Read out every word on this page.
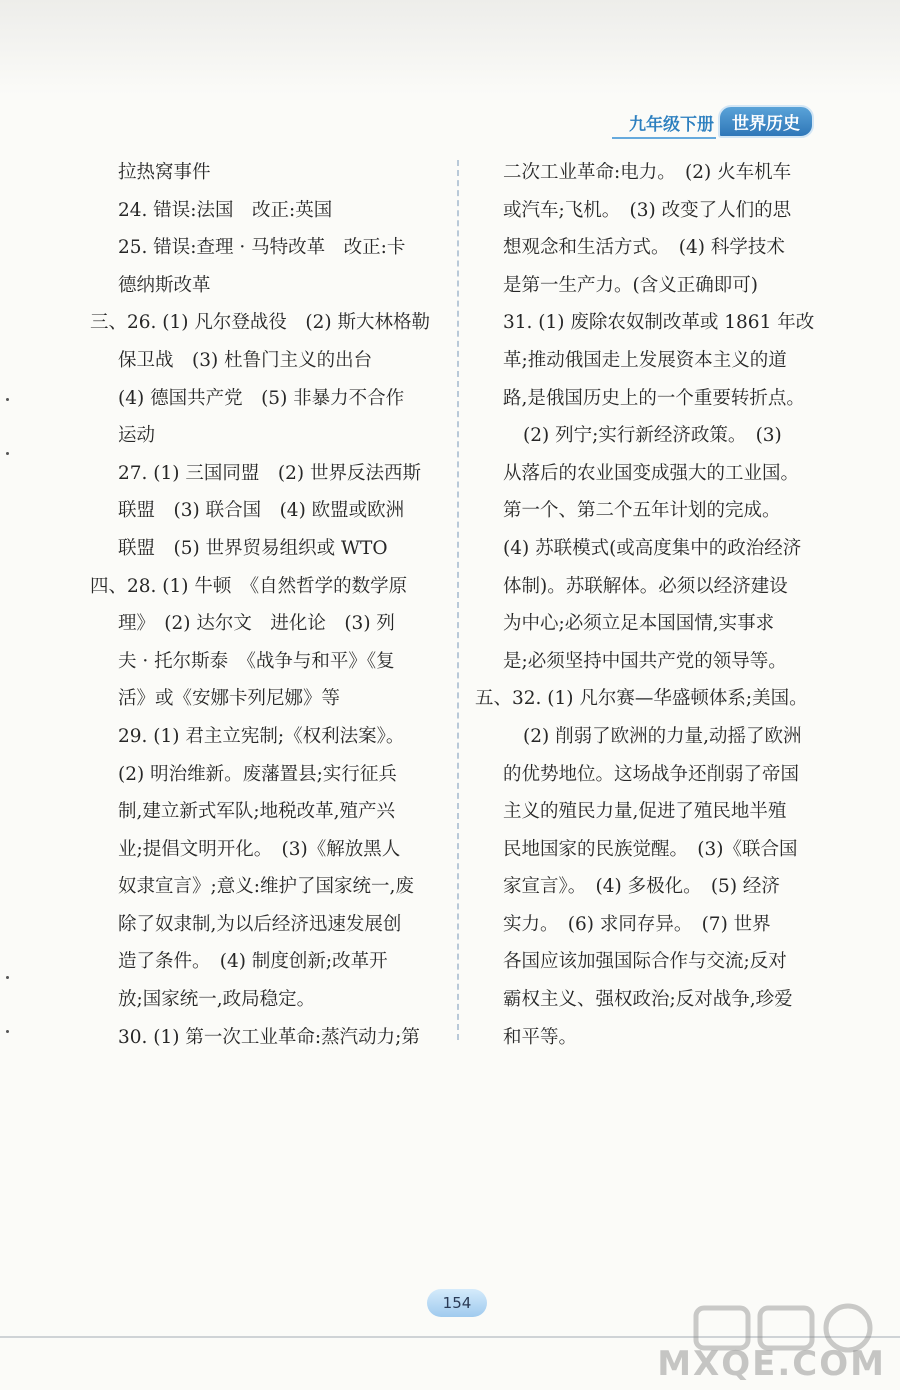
九年级下册	世界历史
拉热窝事件
24. 错误:法国　改正:英国
25. 错误:查理 · 马特改革　改正:卡
德纳斯改革
三、26. (1) 凡尔登战役　(2) 斯大林格勒
保卫战　(3) 杜鲁门主义的出台
(4) 德国共产党　(5) 非暴力不合作
运动
27. (1) 三国同盟　(2) 世界反法西斯
联盟　(3) 联合国　(4) 欧盟或欧洲
联盟　(5) 世界贸易组织或 WTO
四、28. (1) 牛顿　《自然哲学的数学原
理》　(2) 达尔文　进化论　(3) 列
夫 · 托尔斯泰　《战争与和平》《复
活》或《安娜卡列尼娜》等
29. (1) 君主立宪制;《权利法案》。
(2) 明治维新。废藩置县;实行征兵
制,建立新式军队;地税改革,殖产兴
业;提倡文明开化。　(3)《解放黑人
奴隶宣言》;意义:维护了国家统一,废
除了奴隶制,为以后经济迅速发展创
造了条件。　(4) 制度创新;改革开
放;国家统一,政局稳定。
30. (1) 第一次工业革命:蒸汽动力;第
二次工业革命:电力。　(2) 火车机车
或汽车;飞机。　(3) 改变了人们的思
想观念和生活方式。　(4) 科学技术
是第一生产力。(含义正确即可)
31. (1) 废除农奴制改革或 1861 年改
革;推动俄国走上发展资本主义的道
路,是俄国历史上的一个重要转折点。
(2) 列宁;实行新经济政策。　(3)
从落后的农业国变成强大的工业国。
第一个、第二个五年计划的完成。
(4) 苏联模式(或高度集中的政治经济
体制)。苏联解体。必须以经济建设
为中心;必须立足本国国情,实事求
是;必须坚持中国共产党的领导等。
五、32. (1) 凡尔赛—华盛顿体系;美国。
(2) 削弱了欧洲的力量,动摇了欧洲
的优势地位。这场战争还削弱了帝国
主义的殖民力量,促进了殖民地半殖
民地国家的民族觉醒。　(3)《联合国
家宣言》。　(4) 多极化。　(5) 经济
实力。　(6) 求同存异。　(7) 世界
各国应该加强国际合作与交流;反对
霸权主义、强权政治;反对战争,珍爱
和平等。
154
MXQE.COM
